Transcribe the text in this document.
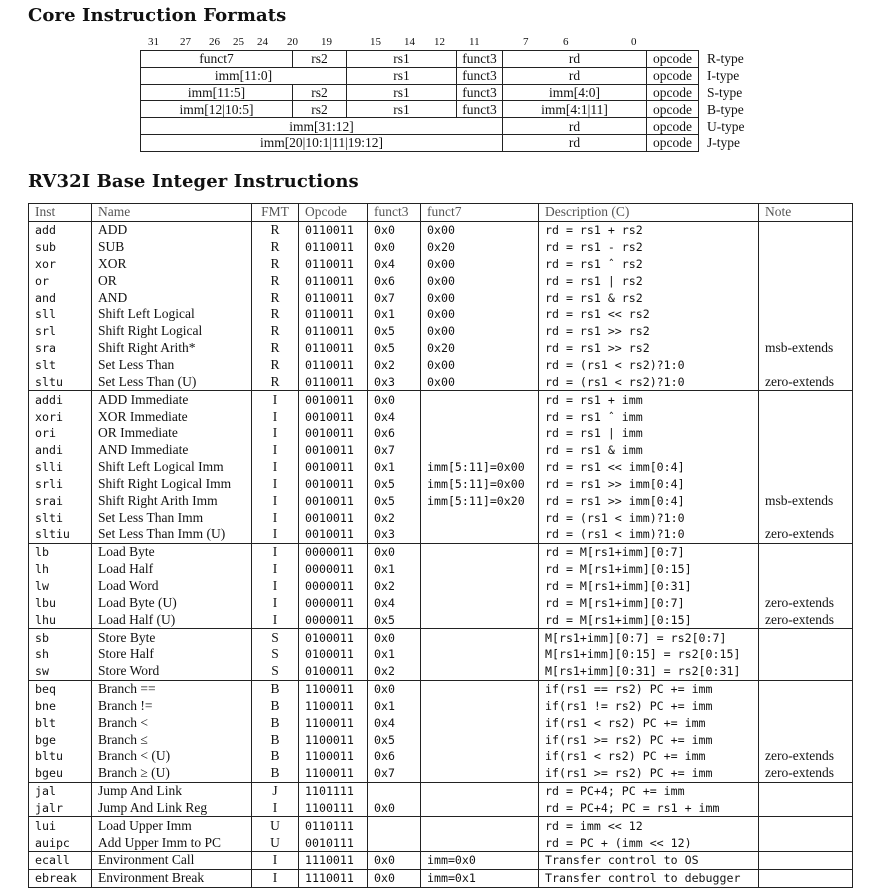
Core Instruction Formats
31 27 26 25 24 20 19	15 14 12 11	7	6	0
funct7	rs2	rs1	funct3	rd	opcode	R-type
imm[11:0]		rs1	funct3	rd	opcode	I-type
imm[11:5]	rs2	rs1	funct3	imm[4:0]	opcode	S-type
imm[12|10:5]	rs2	rs1	funct3	imm[4:1|11]	opcode	B-type
imm[31:12]				rd	opcode	U-type
imm[20|10:1|11|19:12]				rd	opcode	J-type
RV32I Base Integer Instructions
Inst	Name	FMT	Opcode	funct3	funct7	Description (C)	Note
add	ADD	R	0110011	0x0	0x00	rd = rs1 + rs2	
sub	SUB	R	0110011	0x0	0x20	rd = rs1 - rs2	
xor	XOR	R	0110011	0x4	0x00	rd = rs1 ˆ rs2	
or	OR	R	0110011	0x6	0x00	rd = rs1 | rs2	
and	AND	R	0110011	0x7	0x00	rd = rs1 & rs2	
sll	Shift Left Logical	R	0110011	0x1	0x00	rd = rs1 << rs2	
srl	Shift Right Logical	R	0110011	0x5	0x00	rd = rs1 >> rs2	
sra	Shift Right Arith*	R	0110011	0x5	0x20	rd = rs1 >> rs2	msb-extends
slt	Set Less Than	R	0110011	0x2	0x00	rd = (rs1 < rs2)?1:0	
sltu	Set Less Than (U)	R	0110011	0x3	0x00	rd = (rs1 < rs2)?1:0	zero-extends
addi	ADD Immediate	I	0010011	0x0		rd = rs1 + imm	
xori	XOR Immediate	I	0010011	0x4		rd = rs1 ˆ imm	
ori	OR Immediate	I	0010011	0x6		rd = rs1 | imm	
andi	AND Immediate	I	0010011	0x7		rd = rs1 & imm	
slli	Shift Left Logical Imm	I	0010011	0x1	imm[5:11]=0x00	rd = rs1 << imm[0:4]	
srli	Shift Right Logical Imm	I	0010011	0x5	imm[5:11]=0x00	rd = rs1 >> imm[0:4]	
srai	Shift Right Arith Imm	I	0010011	0x5	imm[5:11]=0x20	rd = rs1 >> imm[0:4]	msb-extends
slti	Set Less Than Imm	I	0010011	0x2		rd = (rs1 < imm)?1:0	
sltiu	Set Less Than Imm (U)	I	0010011	0x3		rd = (rs1 < imm)?1:0	zero-extends
lb	Load Byte	I	0000011	0x0		rd = M[rs1+imm][0:7]	
lh	Load Half	I	0000011	0x1		rd = M[rs1+imm][0:15]	
lw	Load Word	I	0000011	0x2		rd = M[rs1+imm][0:31]	
lbu	Load Byte (U)	I	0000011	0x4		rd = M[rs1+imm][0:7]	zero-extends
lhu	Load Half (U)	I	0000011	0x5		rd = M[rs1+imm][0:15]	zero-extends
sb	Store Byte	S	0100011	0x0		M[rs1+imm][0:7] = rs2[0:7]	
sh	Store Half	S	0100011	0x1		M[rs1+imm][0:15] = rs2[0:15]	
sw	Store Word	S	0100011	0x2		M[rs1+imm][0:31] = rs2[0:31]	
beq	Branch ==	B	1100011	0x0		if(rs1 == rs2) PC += imm	
bne	Branch !=	B	1100011	0x1		if(rs1 != rs2) PC += imm	
blt	Branch <	B	1100011	0x4		if(rs1 < rs2) PC += imm	
bge	Branch ≤	B	1100011	0x5		if(rs1 >= rs2) PC += imm	
bltu	Branch < (U)	B	1100011	0x6		if(rs1 < rs2) PC += imm	zero-extends
bgeu	Branch ≥ (U)	B	1100011	0x7		if(rs1 >= rs2) PC += imm	zero-extends
jal	Jump And Link	J	1101111			rd = PC+4; PC += imm	
jalr	Jump And Link Reg	I	1100111	0x0		rd = PC+4; PC = rs1 + imm	
lui	Load Upper Imm	U	0110111			rd = imm << 12	
auipc	Add Upper Imm to PC	U	0010111			rd = PC + (imm << 12)	
ecall	Environment Call	I	1110011	0x0	imm=0x0	Transfer control to OS	
ebreak	Environment Break	I	1110011	0x0	imm=0x1	Transfer control to debugger	
